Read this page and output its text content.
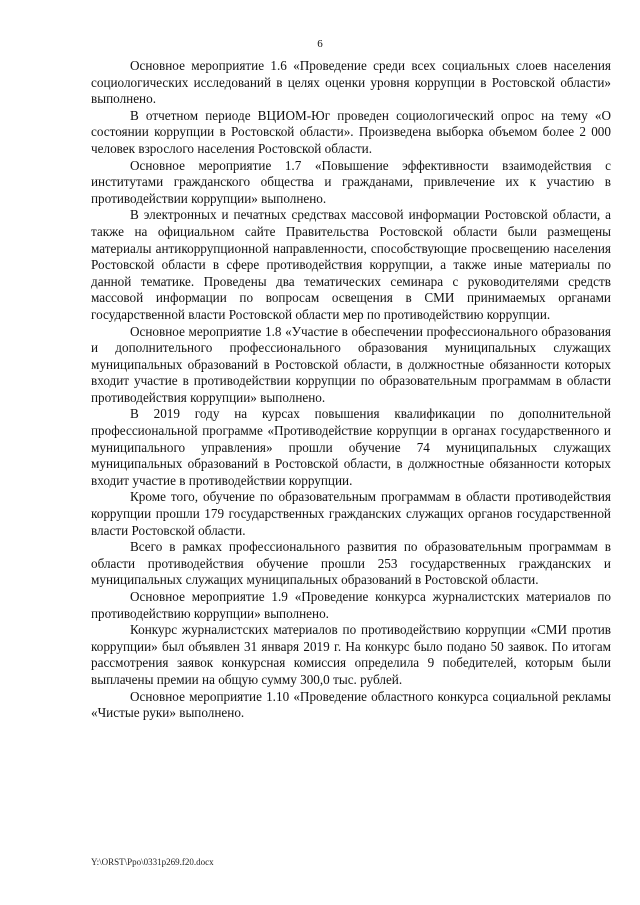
6

Основное мероприятие 1.6 «Проведение среди всех социальных слоев населения социологических исследований в целях оценки уровня коррупции в Ростовской области» выполнено.

В отчетном периоде ВЦИОМ-Юг проведен социологический опрос на тему «О состоянии коррупции в Ростовской области». Произведена выборка объемом более 2 000 человек взрослого населения Ростовской области.

Основное мероприятие 1.7 «Повышение эффективности взаимодействия с институтами гражданского общества и гражданами, привлечение их к участию в противодействии коррупции» выполнено.

В электронных и печатных средствах массовой информации Ростовской области, а также на официальном сайте Правительства Ростовской области были размещены материалы антикоррупционной направленности, способствующие просвещению населения Ростовской области в сфере противодействия коррупции, а также иные материалы по данной тематике. Проведены два тематических семинара с руководителями средств массовой информации по вопросам освещения в СМИ принимаемых органами государственной власти Ростовской области мер по противодействию коррупции.

Основное мероприятие 1.8 «Участие в обеспечении профессионального образования и дополнительного профессионального образования муниципальных служащих муниципальных образований в Ростовской области, в должностные обязанности которых входит участие в противодействии коррупции по образовательным программам в области противодействия коррупции» выполнено.

В 2019 году на курсах повышения квалификации по дополнительной профессиональной программе «Противодействие коррупции в органах государственного и муниципального управления» прошли обучение 74 муниципальных служащих муниципальных образований в Ростовской области, в должностные обязанности которых входит участие в противодействии коррупции.

Кроме того, обучение по образовательным программам в области противодействия коррупции прошли 179 государственных гражданских служащих органов государственной власти Ростовской области.

Всего в рамках профессионального развития по образовательным программам в области противодействия обучение прошли 253 государственных гражданских и муниципальных служащих муниципальных образований в Ростовской области.

Основное мероприятие 1.9 «Проведение конкурса журналистских материалов по противодействию коррупции» выполнено.

Конкурс журналистских материалов по противодействию коррупции «СМИ против коррупции» был объявлен 31 января 2019 г. На конкурс было подано 50 заявок. По итогам рассмотрения заявок конкурсная комиссия определила 9 победителей, которым были выплачены премии на общую сумму 300,0 тыс. рублей.

Основное мероприятие 1.10 «Проведение областного конкурса социальной рекламы «Чистые руки» выполнено.

Y:\ORST\Ppo\0331p269.f20.docx
